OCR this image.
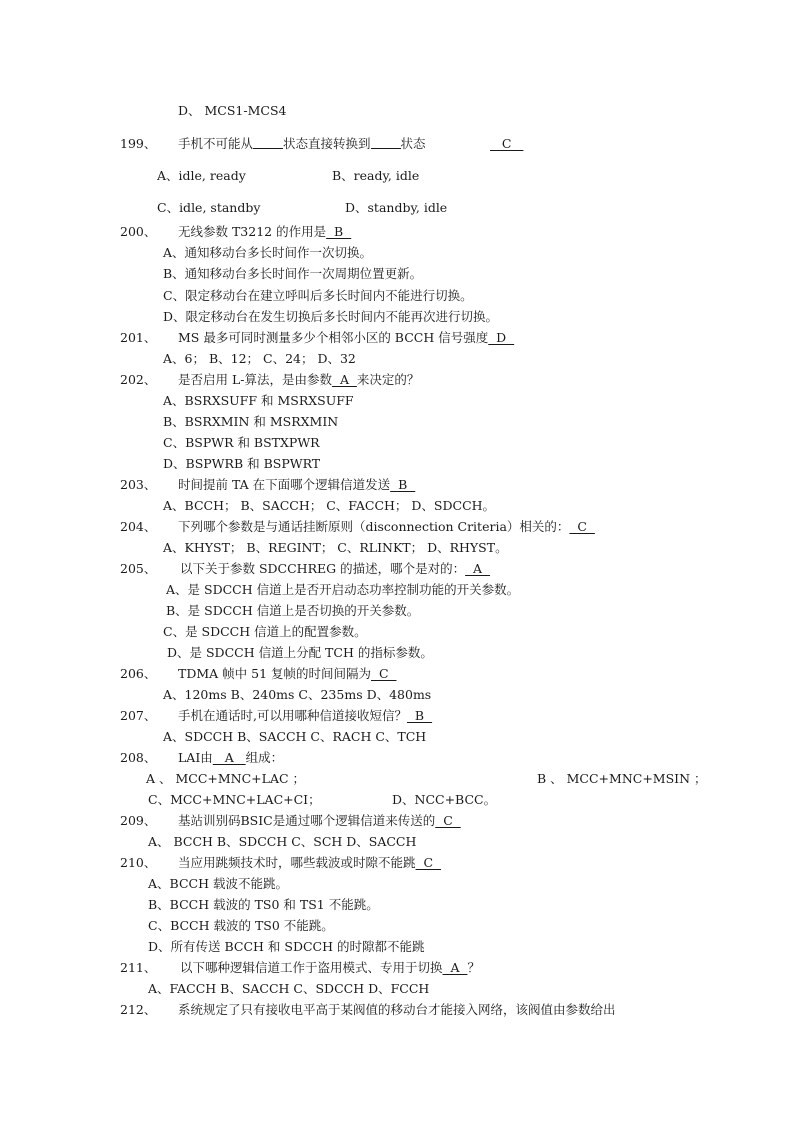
D、 MCS1-MCS4
199、 手机不可能从 状态直接转换到 状态	C
A、idle, ready	B、ready, idle
C、idle, standby	D、standby, idle
200、 无线参数 T3212 的作用是  B
A、通知移动台多长时间作一次切换。
B、通知移动台多长时间作一次周期位置更新。
C、限定移动台在建立呼叫后多长时间内不能进行切换。
D、限定移动台在发生切换后多长时间内不能再次进行切换。
201、 MS 最多可同时测量多少个相邻小区的 BCCH 信号强度  D
A、6； B、12； C、24； D、32
202、 是否启用 L-算法，是由参数  A  来决定的？
A、BSRXSUFF 和 MSRXSUFF
B、BSRXMIN 和 MSRXMIN
C、BSPWR 和 BSTXPWR
D、BSPWRB 和 BSPWRT
203、 时间提前 TA 在下面哪个逻辑信道发送  B
A、BCCH； B、SACCH； C、FACCH； D、SDCCH。
204、 下列哪个参数是与通话挂断原则（disconnection Criteria）相关的：  C
A、KHYST； B、REGINT； C、RLINKT； D、RHYST。
205、 以下关于参数 SDCCHREG 的描述，哪个是对的：  A
A、是 SDCCH 信道上是否开启动态功率控制功能的开关参数。
B、是 SDCCH 信道上是否切换的开关参数。
C、是 SDCCH 信道上的配置参数。
D、是 SDCCH 信道上分配 TCH 的指标参数。
206、 TDMA 帧中 51 复帧的时间间隔为  C
A、120ms B、240ms C、235ms D、480ms
207、 手机在通话时,可以用哪种信道接收短信？  B
A、SDCCH B、SACCH C、RACH C、TCH
208、 LAI由   A   组成：
A 、 MCC+MNC+LAC ；	B 、 MCC+MNC+MSIN ；
C、MCC+MNC+LAC+CI；	D、NCC+BCC。
209、 基站训别码BSIC是通过哪个逻辑信道来传送的  C
A、 BCCH B、SDCCH C、SCH D、SACCH
210、 当应用跳频技术时，哪些载波或时隙不能跳  C
A、BCCH 载波不能跳。
B、BCCH 载波的 TS0 和 TS1 不能跳。
C、BCCH 载波的 TS0 不能跳。
D、所有传送 BCCH 和 SDCCH 的时隙都不能跳
211、 以下哪种逻辑信道工作于盗用模式、专用于切换  A  ？
A、FACCH B、SACCH C、SDCCH D、FCCH
212、 系统规定了只有接收电平高于某阀值的移动台才能接入网络，该阀值由参数给出
